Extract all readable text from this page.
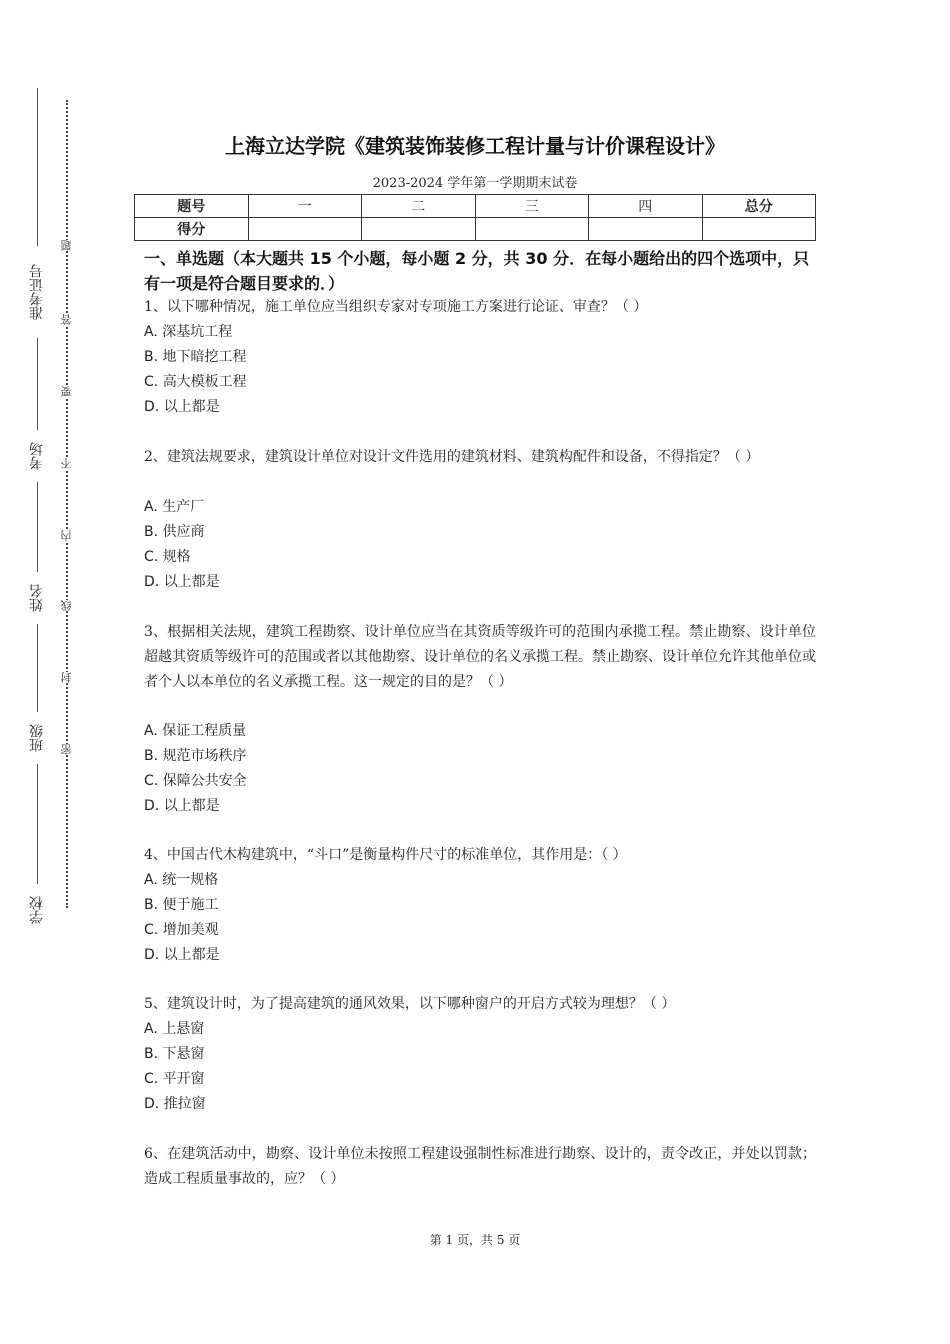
准考证号
考场
姓名
班级
学校
题
答
要
不
内
线
封
密
上海立达学院《建筑装饰装修工程计量与计价课程设计》
2023-2024 学年第一学期期末试卷
题号	一	二	三	四	总分
得分					
一、单选题（本大题共 15 个小题，每小题 2 分，共 30 分．在每小题给出的四个选项中，只有一项是符合题目要求的．）
1、以下哪种情况，施工单位应当组织专家对专项施工方案进行论证、审查？（ ）
A. 深基坑工程
B. 地下暗挖工程
C. 高大模板工程
D. 以上都是
2、建筑法规要求，建筑设计单位对设计文件选用的建筑材料、建筑构配件和设备，不得指定？（ ）
A. 生产厂
B. 供应商
C. 规格
D. 以上都是
3、根据相关法规，建筑工程勘察、设计单位应当在其资质等级许可的范围内承揽工程。禁止勘察、设计单位超越其资质等级许可的范围或者以其他勘察、设计单位的名义承揽工程。禁止勘察、设计单位允许其他单位或者个人以本单位的名义承揽工程。这一规定的目的是？（ ）
A. 保证工程质量
B. 规范市场秩序
C. 保障公共安全
D. 以上都是
4、中国古代木构建筑中，“斗口”是衡量构件尺寸的标准单位，其作用是：（ ）
A. 统一规格
B. 便于施工
C. 增加美观
D. 以上都是
5、建筑设计时，为了提高建筑的通风效果，以下哪种窗户的开启方式较为理想？（ ）
A. 上悬窗
B. 下悬窗
C. 平开窗
D. 推拉窗
6、在建筑活动中，勘察、设计单位未按照工程建设强制性标准进行勘察、设计的，责令改正，并处以罚款；造成工程质量事故的，应？（ ）
第 1 页，共 5 页
